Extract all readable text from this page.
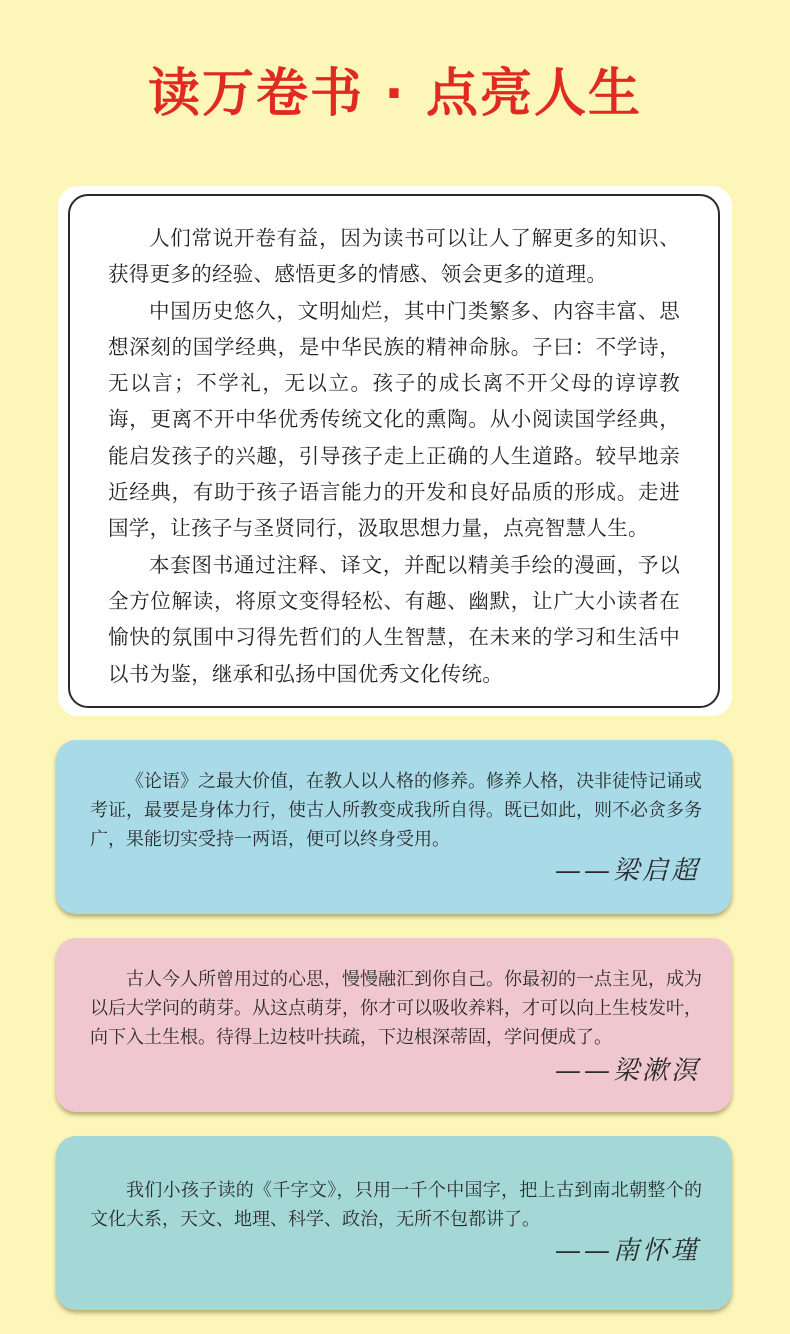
读万卷书 · 点亮人生

人们常说开卷有益，因为读书可以让人了解更多的知识、获得更多的经验、感悟更多的情感、领会更多的道理。

中国历史悠久，文明灿烂，其中门类繁多、内容丰富、思想深刻的国学经典，是中华民族的精神命脉。子曰：不学诗，无以言；不学礼，无以立。孩子的成长离不开父母的谆谆教诲，更离不开中华优秀传统文化的熏陶。从小阅读国学经典，能启发孩子的兴趣，引导孩子走上正确的人生道路。较早地亲近经典，有助于孩子语言能力的开发和良好品质的形成。走进国学，让孩子与圣贤同行，汲取思想力量，点亮智慧人生。

本套图书通过注释、译文，并配以精美手绘的漫画，予以全方位解读，将原文变得轻松、有趣、幽默，让广大小读者在愉快的氛围中习得先哲们的人生智慧，在未来的学习和生活中以书为鉴，继承和弘扬中国优秀文化传统。

《论语》之最大价值，在教人以人格的修养。修养人格，决非徒恃记诵或考证，最要是身体力行，使古人所教变成我所自得。既已如此，则不必贪多务广，果能切实受持一两语，便可以终身受用。

——梁启超

古人今人所曾用过的心思，慢慢融汇到你自己。你最初的一点主见，成为以后大学问的萌芽。从这点萌芽，你才可以吸收养料，才可以向上生枝发叶，向下入土生根。待得上边枝叶扶疏，下边根深蒂固，学问便成了。

——梁漱溟

我们小孩子读的《千字文》，只用一千个中国字，把上古到南北朝整个的文化大系，天文、地理、科学、政治，无所不包都讲了。

——南怀瑾
